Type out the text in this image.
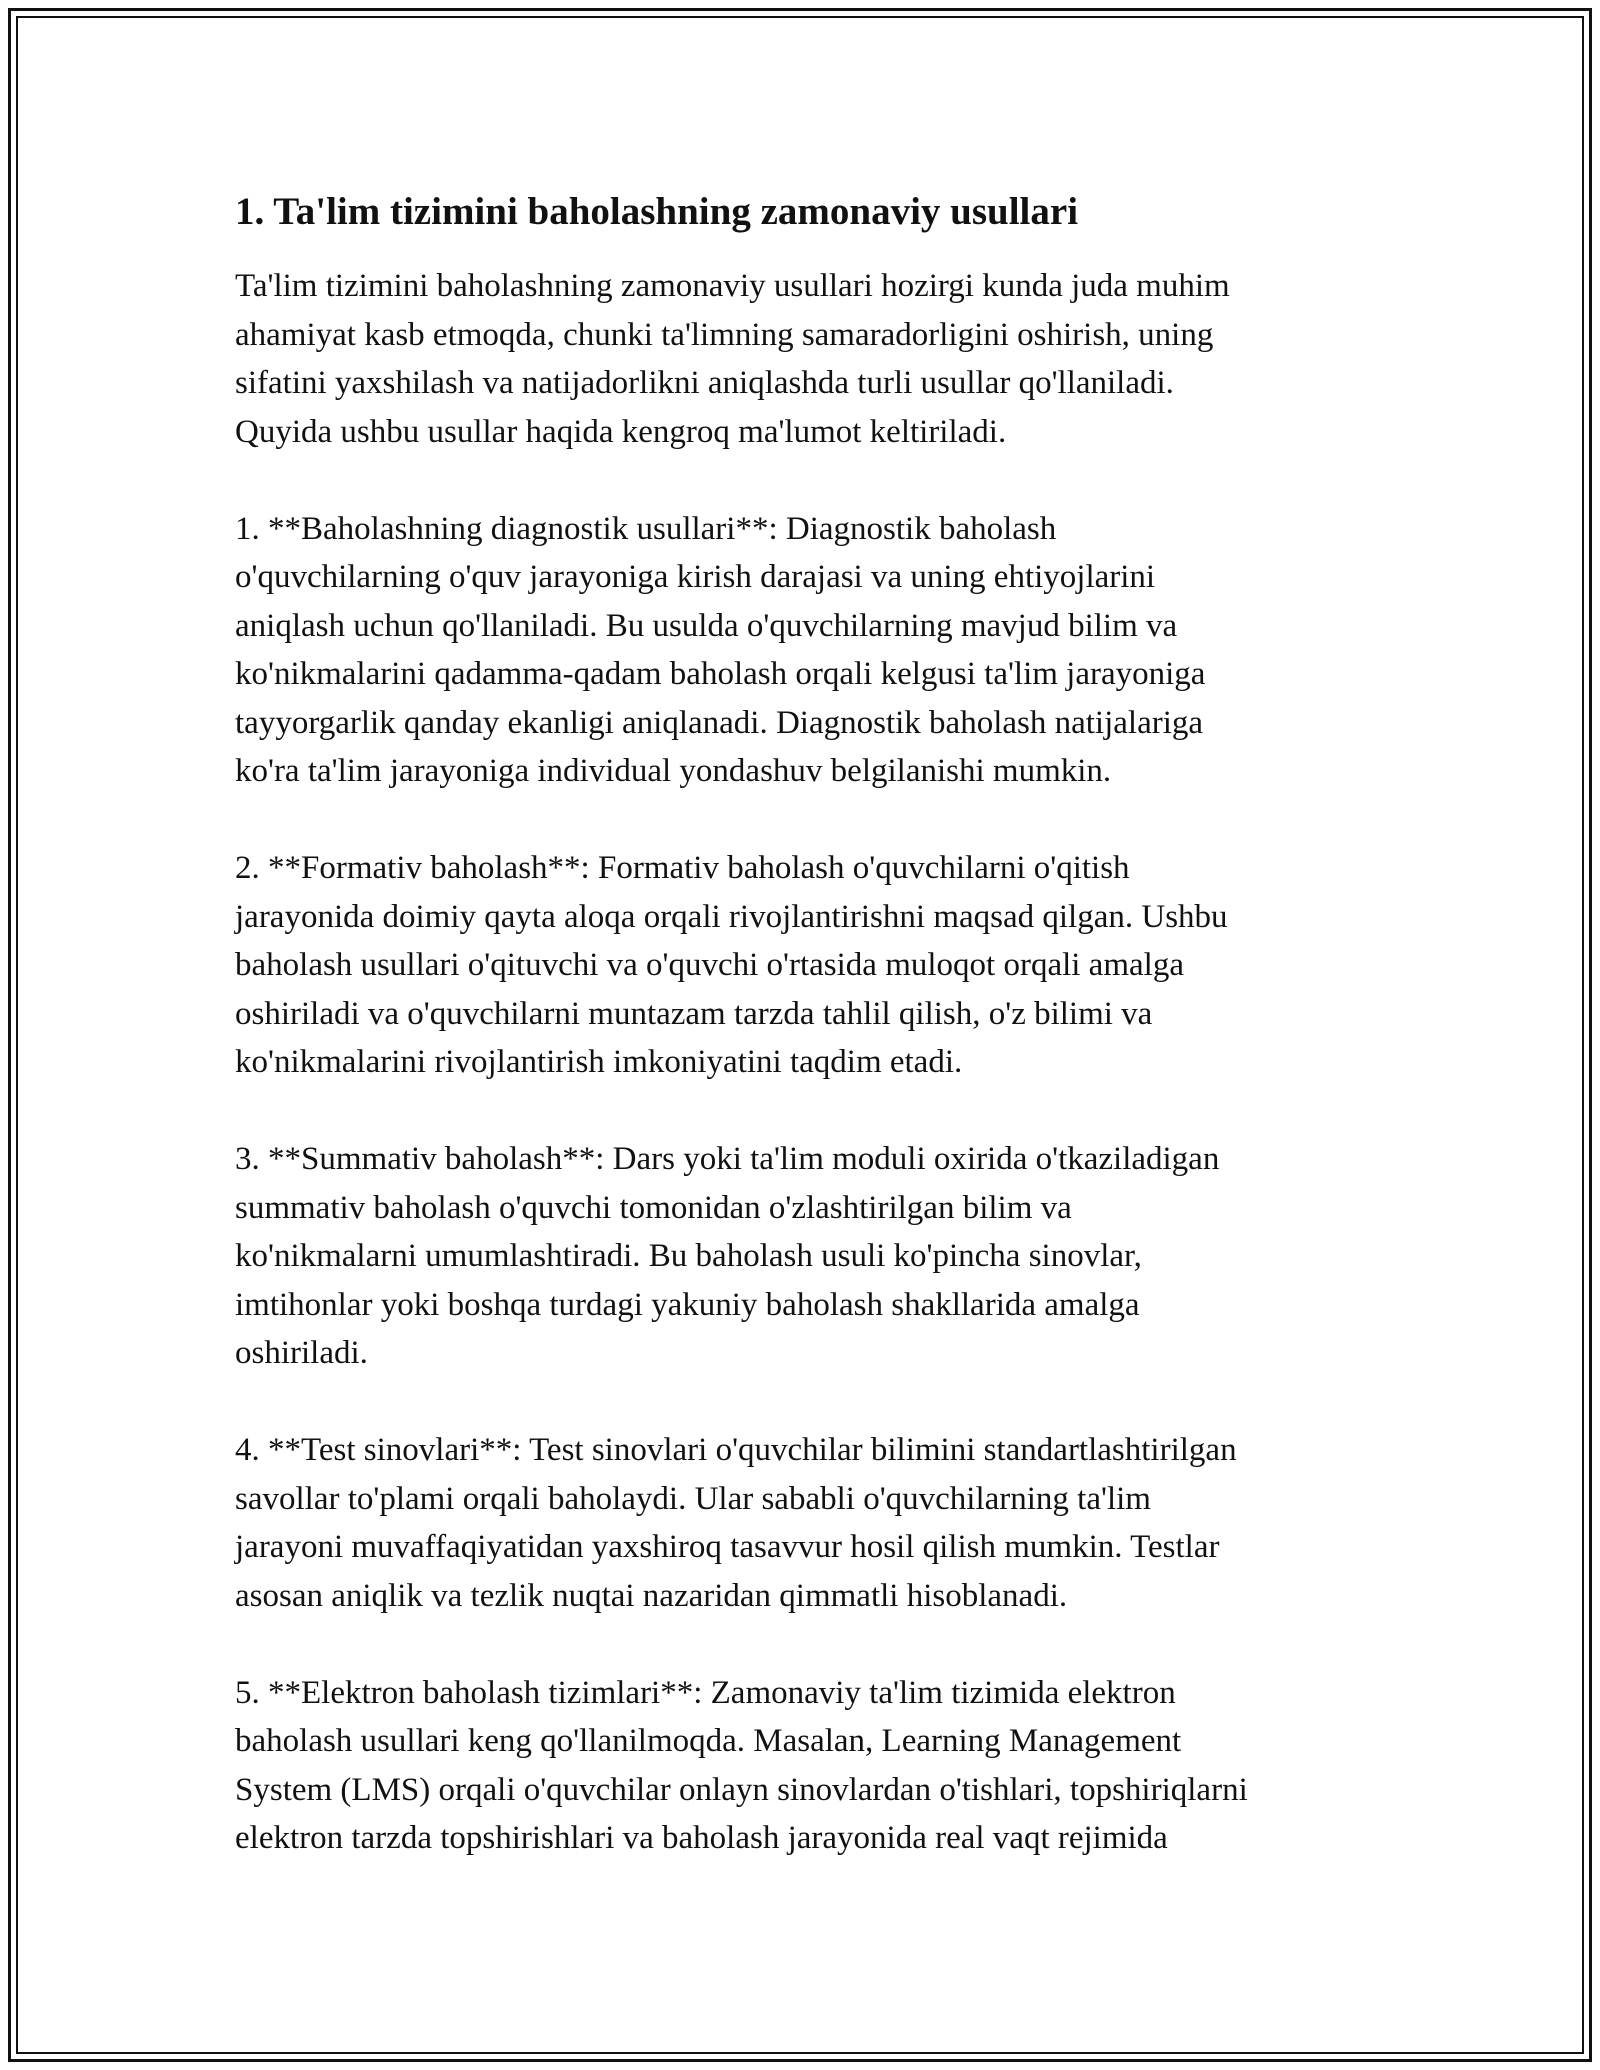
1. Ta'lim tizimini baholashning zamonaviy usullari

Ta'lim tizimini baholashning zamonaviy usullari hozirgi kunda juda muhim
ahamiyat kasb etmoqda, chunki ta'limning samaradorligini oshirish, uning
sifatini yaxshilash va natijadorlikni aniqlashda turli usullar qo'llaniladi.
Quyida ushbu usullar haqida kengroq ma'lumot keltiriladi.

1. **Baholashning diagnostik usullari**: Diagnostik baholash
o'quvchilarning o'quv jarayoniga kirish darajasi va uning ehtiyojlarini
aniqlash uchun qo'llaniladi. Bu usulda o'quvchilarning mavjud bilim va
ko'nikmalarini qadamma-qadam baholash orqali kelgusi ta'lim jarayoniga
tayyorgarlik qanday ekanligi aniqlanadi. Diagnostik baholash natijalariga
ko'ra ta'lim jarayoniga individual yondashuv belgilanishi mumkin.

2. **Formativ baholash**: Formativ baholash o'quvchilarni o'qitish
jarayonida doimiy qayta aloqa orqali rivojlantirishni maqsad qilgan. Ushbu
baholash usullari o'qituvchi va o'quvchi o'rtasida muloqot orqali amalga
oshiriladi va o'quvchilarni muntazam tarzda tahlil qilish, o'z bilimi va
ko'nikmalarini rivojlantirish imkoniyatini taqdim etadi.

3. **Summativ baholash**: Dars yoki ta'lim moduli oxirida o'tkaziladigan
summativ baholash o'quvchi tomonidan o'zlashtirilgan bilim va
ko'nikmalarni umumlashtiradi. Bu baholash usuli ko'pincha sinovlar,
imtihonlar yoki boshqa turdagi yakuniy baholash shakllarida amalga
oshiriladi.

4. **Test sinovlari**: Test sinovlari o'quvchilar bilimini standartlashtirilgan
savollar to'plami orqali baholaydi. Ular sababli o'quvchilarning ta'lim
jarayoni muvaffaqiyatidan yaxshiroq tasavvur hosil qilish mumkin. Testlar
asosan aniqlik va tezlik nuqtai nazaridan qimmatli hisoblanadi.

5. **Elektron baholash tizimlari**: Zamonaviy ta'lim tizimida elektron
baholash usullari keng qo'llanilmoqda. Masalan, Learning Management
System (LMS) orqali o'quvchilar onlayn sinovlardan o'tishlari, topshiriqlarni
elektron tarzda topshirishlari va baholash jarayonida real vaqt rejimida
